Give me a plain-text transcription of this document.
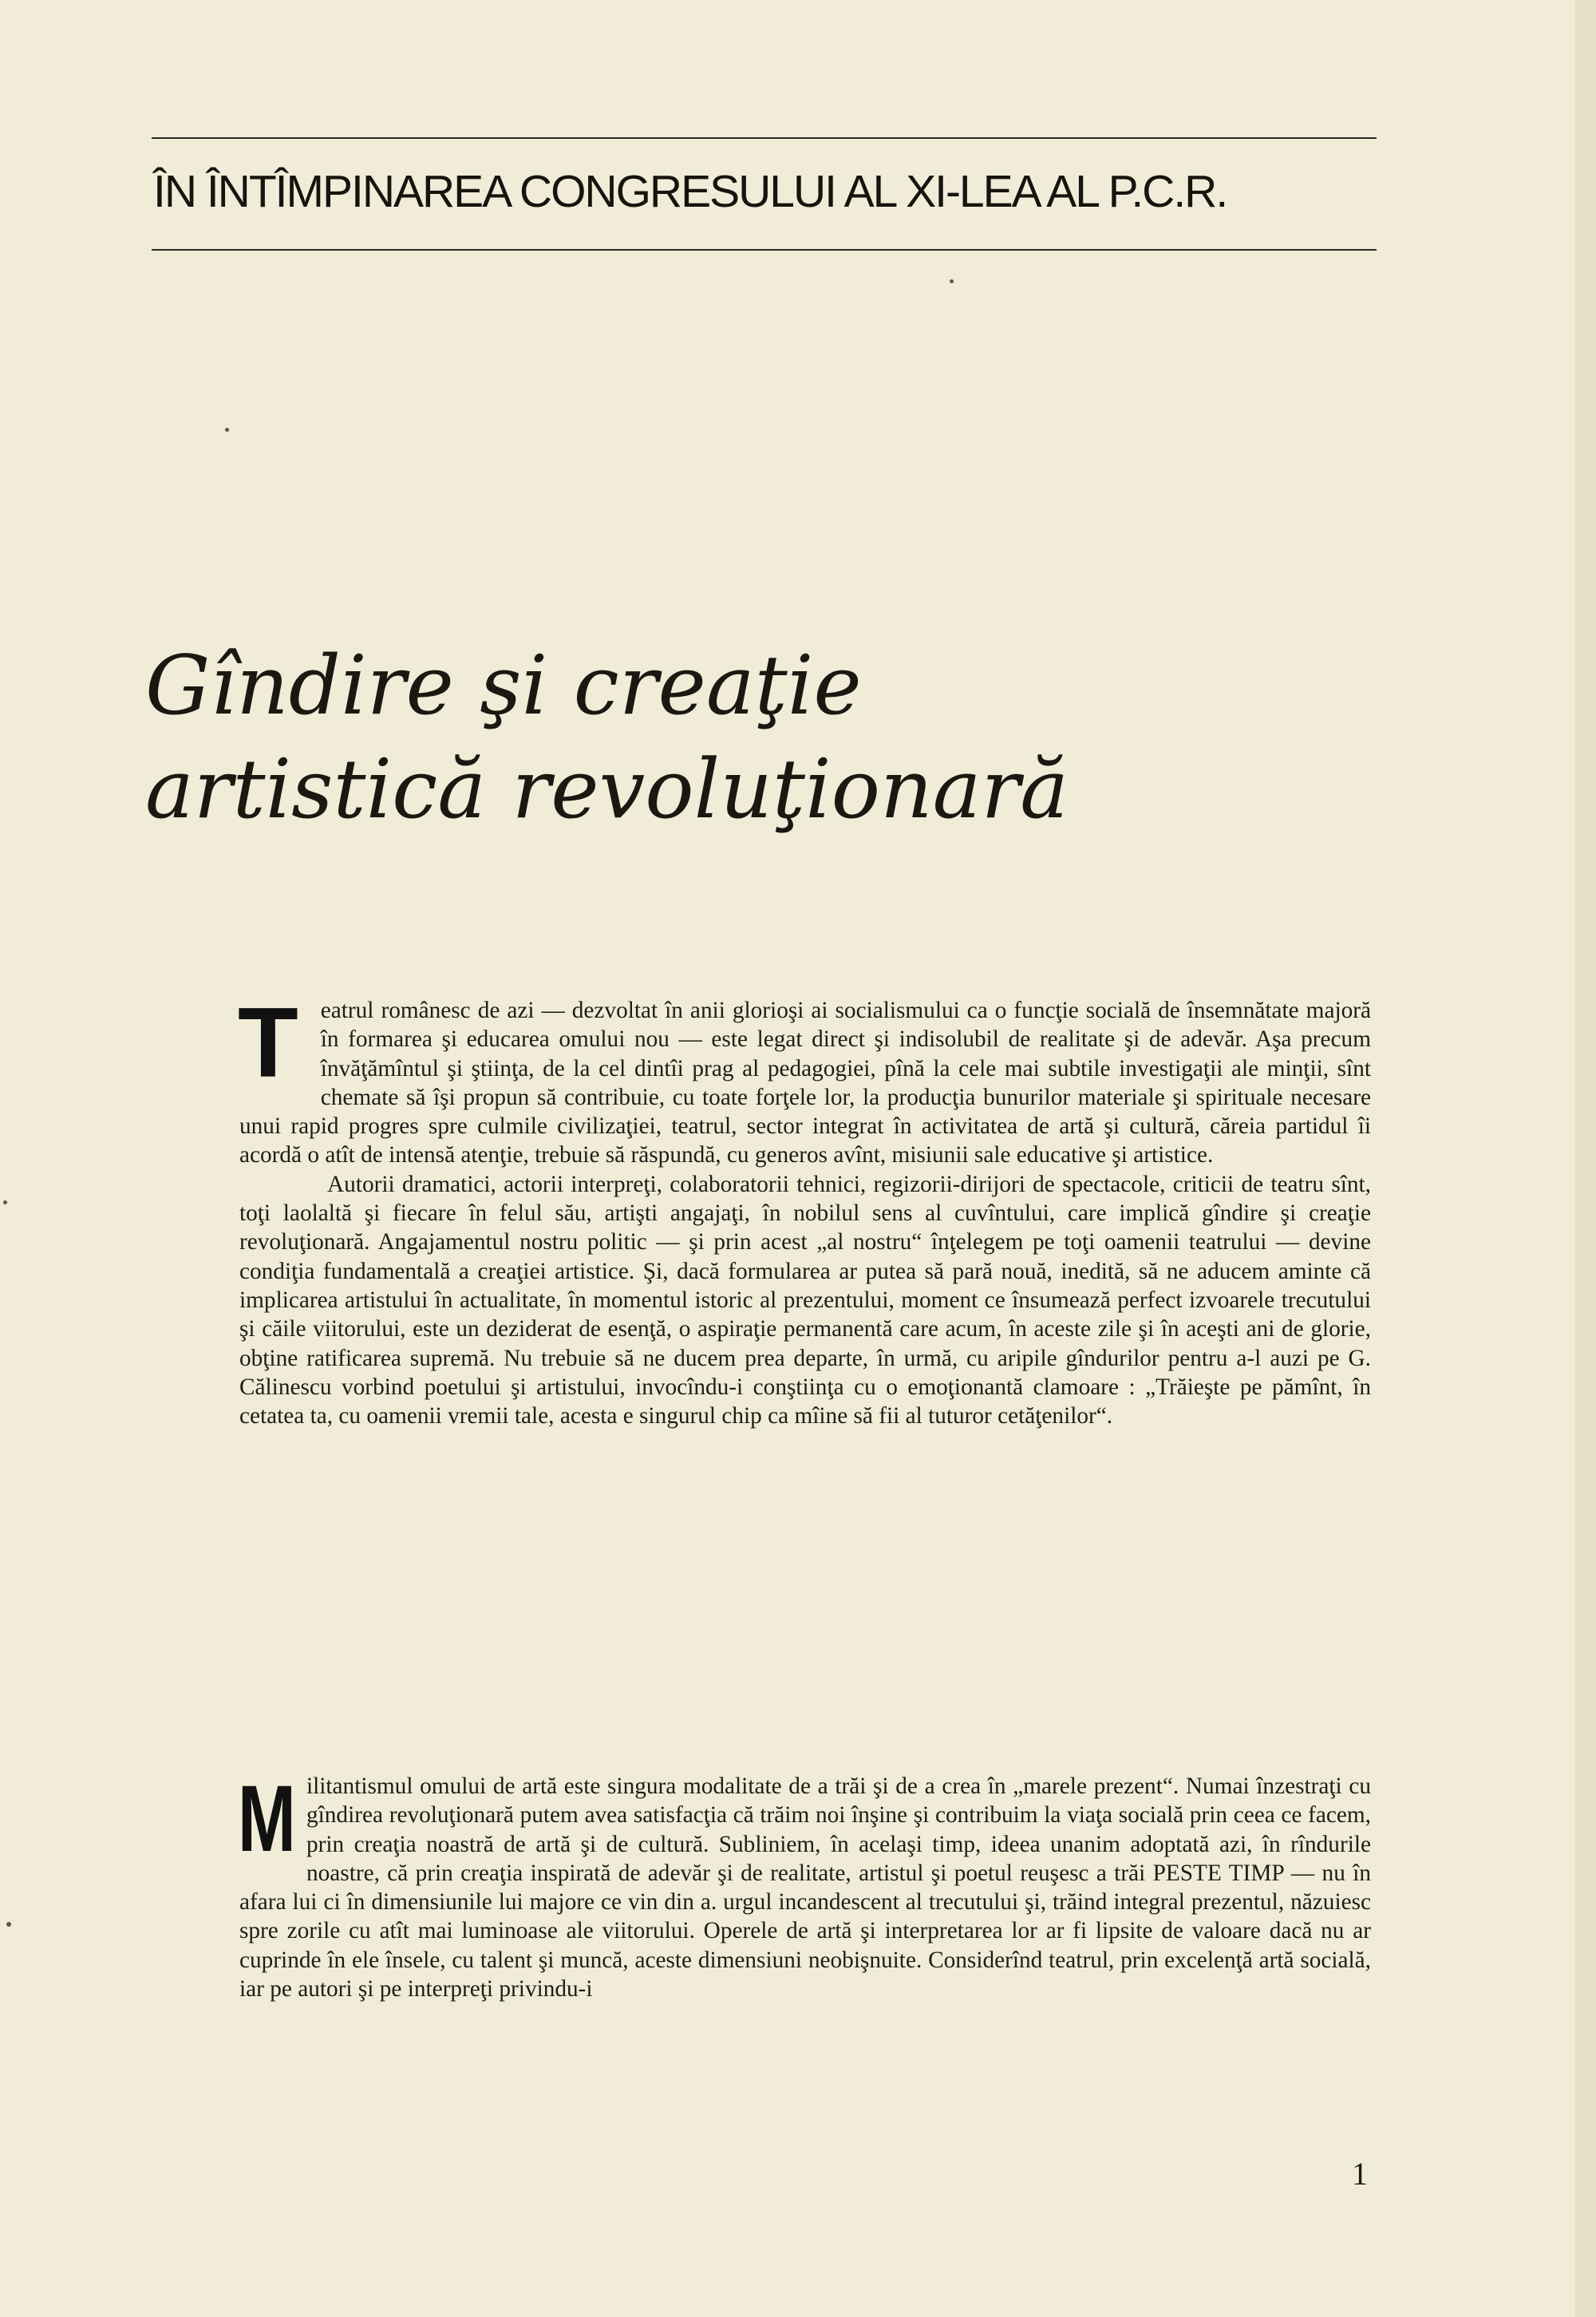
ÎN ÎNTÎMPINAREA CONGRESULUI AL XI-LEA AL P.C.R.
Gîndire şi creaţie
artistică revoluţionară
T eatrul românesc de azi — dezvoltat în anii glorioşi ai socialismului ca o funcţie socială de însemnătate majoră în formarea şi educarea omului nou — este legat direct şi indisolubil de realitate şi de adevăr. Aşa precum învăţămîntul şi ştiinţa, de la cel dintîi prag al pedagogiei, pînă la cele mai subtile investigaţii ale minţii, sînt chemate să îşi propun să contribuie, cu toate forţele lor, la producţia bunurilor materiale şi spirituale necesare unui rapid progres spre culmile civilizaţiei, teatrul, sector integrat în activitatea de artă şi cultură, căreia partidul îi acordă o atît de intensă atenţie, trebuie să răspundă, cu generos avînt, misiunii sale educative şi artistice.

Autorii dramatici, actorii interpreţi, colaboratorii tehnici, regizorii-dirijori de spectacole, criticii de teatru sînt, toţi laolaltă şi fiecare în felul său, artişti angajaţi, în nobilul sens al cuvîntului, care implică gîndire şi creaţie revoluţionară. Angajamentul nostru politic — şi prin acest „al nostru“ înţelegem pe toţi oamenii teatrului — devine condiţia fundamentală a creaţiei artistice. Şi, dacă formularea ar putea să pară nouă, inedită, să ne aducem aminte că implicarea artistului în actualitate, în momentul istoric al prezentului, moment ce însumează perfect izvoarele trecutului şi căile viitorului, este un deziderat de esenţă, o aspiraţie permanentă care acum, în aceste zile şi în aceşti ani de glorie, obţine ratificarea supremă. Nu trebuie să ne ducem prea departe, în urmă, cu aripile gîndurilor pentru a-l auzi pe G. Călinescu vorbind poetului şi artistului, invocîndu-i conştiinţa cu o emoţionantă clamoare : „Trăieşte pe pămînt, în cetatea ta, cu oamenii vremii tale, acesta e singurul chip ca mîine să fii al tuturor cetăţenilor“.

M ilitantismul omului de artă este singura modalitate de a trăi şi de a crea în „marele prezent“. Numai înzestraţi cu gîndirea revoluţionară putem avea satisfacţia că trăim noi înşine şi contribuim la viaţa socială prin ceea ce facem, prin creaţia noastră de artă şi de cultură. Subliniem, în acelaşi timp, ideea unanim adoptată azi, în rîndurile noastre, că prin creaţia inspirată de adevăr şi de realitate, artistul şi poetul reuşesc a trăi PESTE TIMP — nu în afara lui ci în dimensiunile lui majore ce vin din a. urgul incandescent al trecutului şi, trăind integral prezentul, năzuiesc spre zorile cu atît mai luminoase ale viitorului. Operele de artă şi interpretarea lor ar fi lipsite de valoare dacă nu ar cuprinde în ele însele, cu talent şi muncă, aceste dimensiuni neobişnuite. Considerînd teatrul, prin excelenţă artă socială, iar pe autori şi pe interpreţi privindu-i

1
